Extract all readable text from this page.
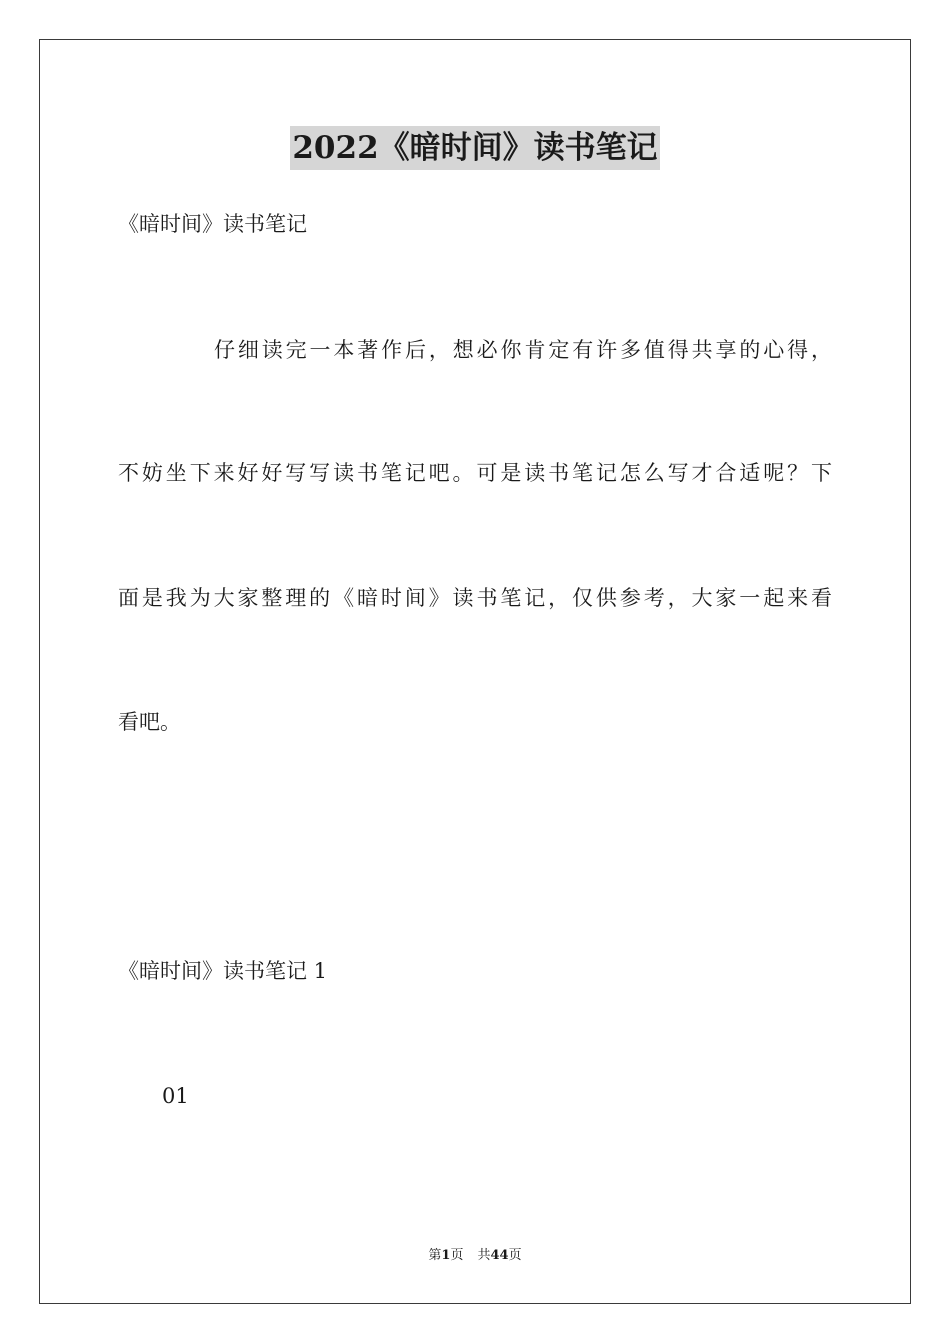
2022《暗时间》读书笔记
《暗时间》读书笔记
仔细读完一本著作后，想必你肯定有许多值得共享的心得，
不妨坐下来好好写写读书笔记吧。可是读书笔记怎么写才合适呢？下
面是我为大家整理的《暗时间》读书笔记，仅供参考，大家一起来看
看吧。
《暗时间》读书笔记 1
01
第1页 共44页
